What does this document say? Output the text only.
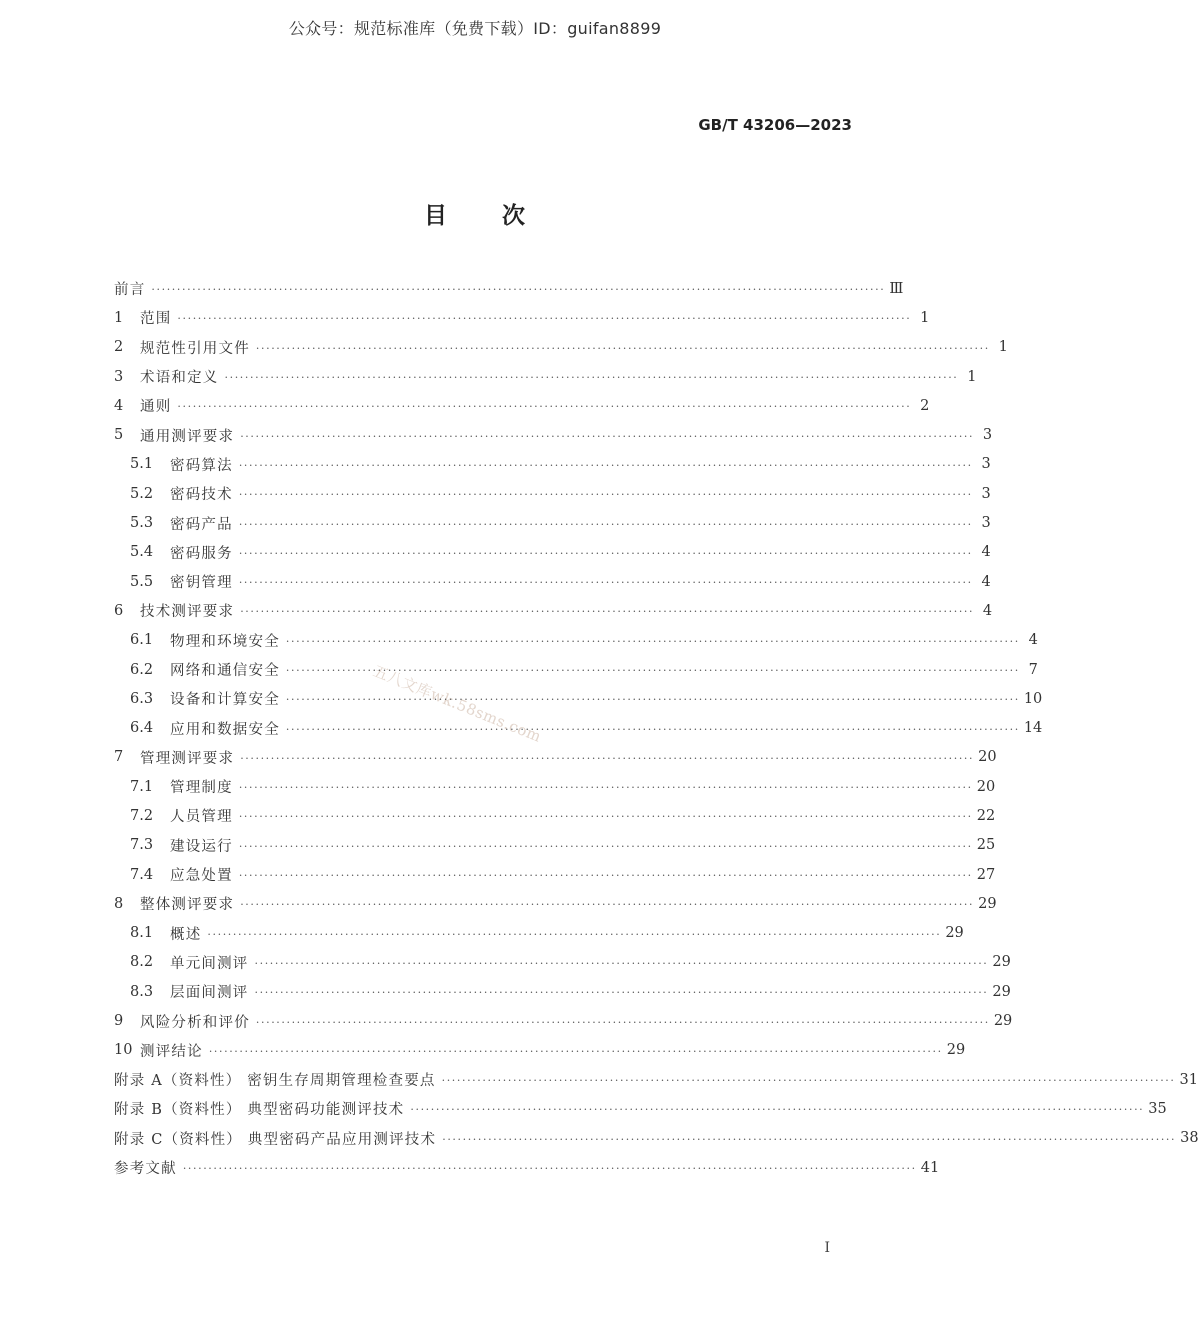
公众号：规范标准库（免费下载）ID：guifan8899
GB/T 43206—2023
目 次
五八文库wk.58sms.com
前言 ················································································································································ Ⅲ
1	范围 ················································································································································ 1
2	规范性引用文件 ················································································································································ 1
3	术语和定义 ················································································································································ 1
4	通则 ················································································································································ 2
5	通用测评要求 ················································································································································ 3
5.1	密码算法 ················································································································································ 3
5.2	密码技术 ················································································································································ 3
5.3	密码产品 ················································································································································ 3
5.4	密码服务 ················································································································································ 4
5.5	密钥管理 ················································································································································ 4
6	技术测评要求 ················································································································································ 4
6.1	物理和环境安全 ················································································································································ 4
6.2	网络和通信安全 ················································································································································ 7
6.3	设备和计算安全 ················································································································································ 10
6.4	应用和数据安全 ················································································································································ 14
7	管理测评要求 ················································································································································ 20
7.1	管理制度 ················································································································································ 20
7.2	人员管理 ················································································································································ 22
7.3	建设运行 ················································································································································ 25
7.4	应急处置 ················································································································································ 27
8	整体测评要求 ················································································································································ 29
8.1	概述 ················································································································································ 29
8.2	单元间测评 ················································································································································ 29
8.3	层面间测评 ················································································································································ 29
9	风险分析和评价 ················································································································································ 29
10 测评结论 ················································································································································ 29
附录 A（资料性） 密钥生存周期管理检查要点 ················································································································································ 31
附录 B（资料性） 典型密码功能测评技术 ················································································································································ 35
附录 C（资料性） 典型密码产品应用测评技术 ················································································································································ 38
参考文献 ················································································································································ 41
I
